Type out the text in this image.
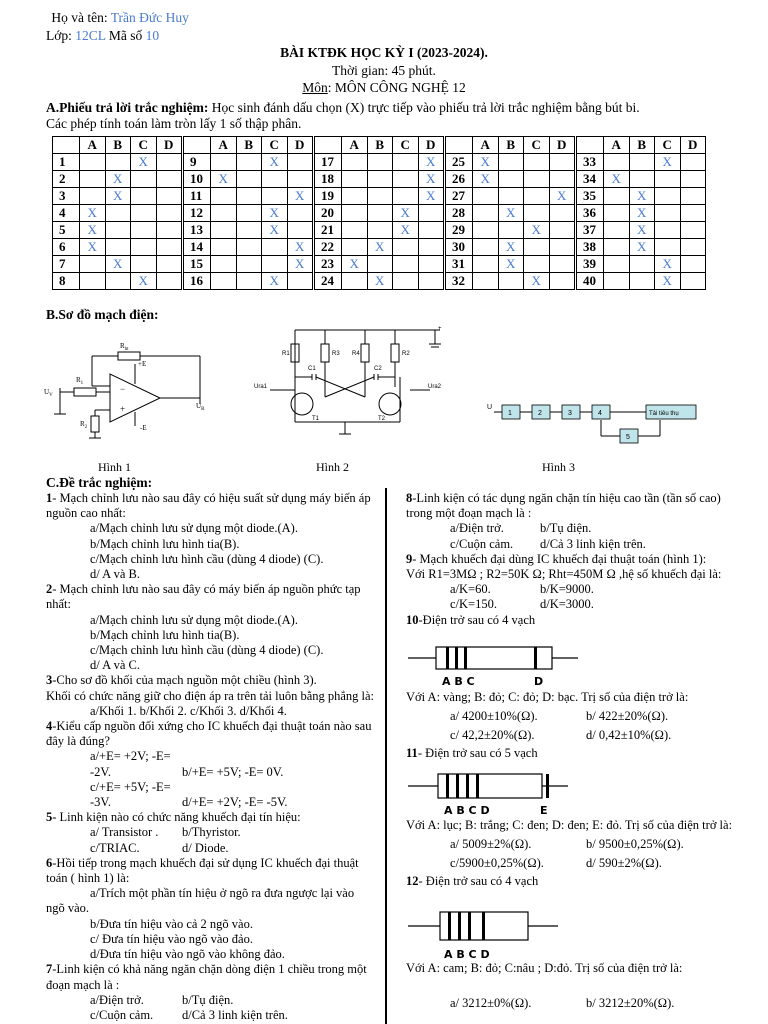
Họ và tên: Trần Đức Huy
Lớp: 12CL Mã số 10
BÀI KTĐK HỌC KỲ I (2023-2024).
Thời gian: 45 phút.
Môn: MÔN CÔNG NGHỆ 12
A.Phiếu trả lời trắc nghiệm: Học sinh đánh dấu chọn (X) trực tiếp vào phiếu trả lời trắc nghiệm bằng bút bi.
Các phép tính toán làm tròn lấy 1 số thập phân.
	A	B	C	D		A	B	C	D		A	B	C	D		A	B	C	D		A	B	C	D
1			X		9			X		17				X	25	X				33			X	
2		X			10	X				18				X	26	X				34	X			
3		X			11				X	19				X	27				X	35		X		
4	X				12			X		20			X		28		X			36		X		
5	X				13			X		21			X		29			X		37		X		
6	X				14				X	22		X			30		X			38		X		
7		X			15				X	23	X				31		X			39			X	
8			X		16			X		24		X			32			X		40			X	
B.Sơ đồ mạch điện:
$R_{ht}$
+E
$R_1$
$U_V$
$R_2$
$U_R$
-E
−
+
R1	R3 R4	R2
C1	C2
Ura1	Ura2
T1	T2
+
U
1	2	3	4
5
Tải tiêu thụ
Hình 1	Hình 2	Hình 3
C.Đề trắc nghiệm:

1- Mạch chỉnh lưu nào sau đây có hiệu suất sử dụng máy biến áp nguồn cao nhất:

a/Mạch chỉnh lưu sử dụng một diode.(A).

b/Mạch chỉnh lưu hình tia(B).

c/Mạch chỉnh lưu hình cầu (dùng 4 diode) (C).

d/ A và B.

2- Mạch chỉnh lưu nào sau đây có máy biến áp nguồn phức tạp nhất:

a/Mạch chỉnh lưu sử dụng một diode.(A).

b/Mạch chỉnh lưu hình tia(B).

c/Mạch chỉnh lưu hình cầu (dùng 4 diode) (C).

d/ A và C.

3-Cho sơ đồ khối của mạch nguồn một chiều (hình 3).

Khối có chức năng giữ cho điện áp ra trên tải luôn bằng phẳng là:

a/Khối 1. b/Khối 2. c/Khối 3. d/Khối 4.

4-Kiểu cấp nguồn đối xứng cho IC khuếch đại thuật toán nào sau đây là đúng?

a/+E= +2V; -E= -2V.	b/+E= +5V; -E= 0V.

c/+E= +5V; -E= -3V.	d/+E= +2V; -E= -5V.

5- Linh kiện nào có chức năng khuếch đại tín hiệu:

a/ Transistor . b/Thyristor.

c/TRIAC.	d/ Diode.

6-Hồi tiếp trong mạch khuếch đại sử dụng IC khuếch đại thuật toán ( hình 1) là:

a/Trích một phần tín hiệu ở ngõ ra đưa ngược lại vào

ngõ vào.

b/Đưa tín hiệu vào cả 2 ngõ vào.

c/ Đưa tín hiệu vào ngõ vào đảo.

d/Đưa tín hiệu vào ngõ vào không đảo.

7-Linh kiện có khả năng ngăn chặn dòng điện 1 chiều trong một đoạn mạch là :

a/Điện trở.	b/Tụ điện.

c/Cuộn cảm. d/Cả 3 linh kiện trên.

8-Linh kiện có tác dụng ngăn chặn tín hiệu cao tần (tần số cao) trong một đoạn mạch là :

a/Điện trở.	b/Tụ điện.

c/Cuộn cảm. d/Cả 3 linh kiện trên.

9- Mạch khuếch đại dùng IC khuếch đại thuật toán (hình 1):

Với R1=3MΩ ; R2=50K Ω; Rht=450M Ω ,hệ số khuếch đại là:

a/K=60.	b/K=9000.

c/K=150.	d/K=3000.

10-Điện trở sau có 4 vạch

A B C	D

Với A: vàng; B: đỏ; C: đỏ; D: bạc. Trị số của điện trở là:

a/ 4200±10%(Ω).	b/ 422±20%(Ω).

c/ 42,2±20%(Ω).	d/ 0,42±10%(Ω).

11- Điện trở sau có 5 vạch

A B C D	E

Với A: lục; B: trắng; C: đen; D: đen; E: đỏ. Trị số của điện trở là:

a/ 5009±2%(Ω).	b/ 9500±0,25%(Ω).

c/5900±0,25%(Ω).	d/ 590±2%(Ω).

12- Điện trở sau có 4 vạch

A B C D

Với A: cam; B: đỏ; C:nâu ; D:đỏ. Trị số của điện trở là:

a/ 3212±0%(Ω).	b/ 3212±20%(Ω).
